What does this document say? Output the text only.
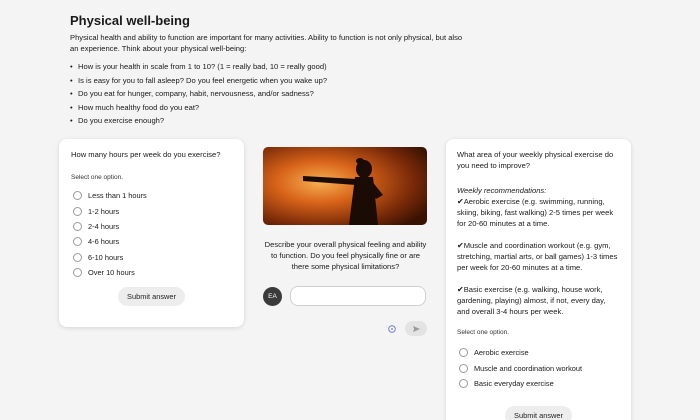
Physical well-being

Physical health and ability to function are important for many activities. Ability to function is not only physical, but also an experience. Think about your physical well-being:

• How is your health in scale from 1 to 10? (1 = really bad, 10 = really good)
• Is is easy for you to fall asleep? Do you feel energetic when you wake up?
• Do you eat for hunger, company, habit, nervousness, and/or sadness?
• How much healthy food do you eat?
• Do you exercise enough?
How many hours per week do you exercise?
Select one option.
Less than 1 hours
1-2 hours
2-4 hours
4-6 hours
6-10 hours
Over 10 hours
Submit answer
Describe your overall physical feeling and ability to function. Do you feel physically fine or are there some physical limitations?
EA
What area of your weekly physical exercise do you need to improve?
Weekly recommendations:
✔Aerobic exercise (e.g. swimming, running, skiing, biking, fast walking) 2-5 times per week for 20-60 minutes at a time.
✔Muscle and coordination workout (e.g. gym, stretching, martial arts, or ball games) 1-3 times per week for 20-60 minutes at a time.
✔Basic exercise (e.g. walking, house work, gardening, playing) almost, if not, every day, and overall 3-4 hours per week.
Select one option.
Aerobic exercise
Muscle and coordination workout
Basic everyday exercise
Submit answer
